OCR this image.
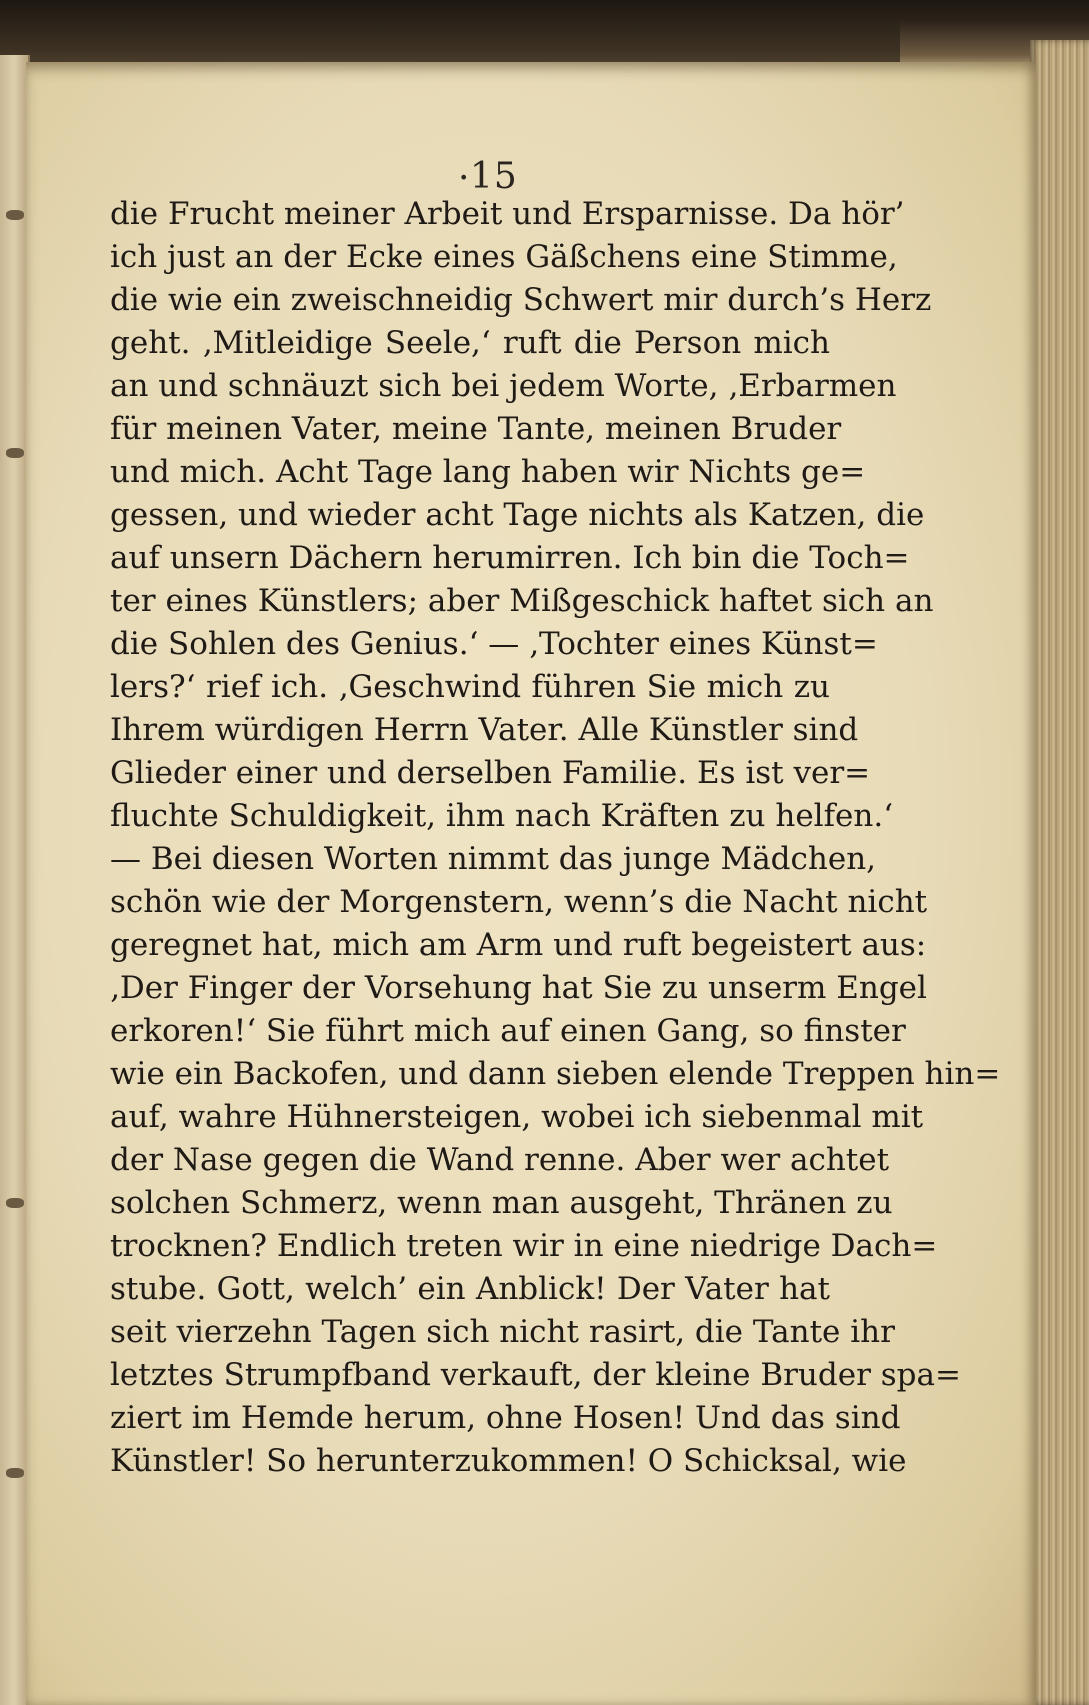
· 15
die Frucht meiner Arbeit und Ersparnisse. Da hör’
ich just an der Ecke eines Gäßchens eine Stimme,
die wie ein zweischneidig Schwert mir durch’s Herz
geht. ‚Mitleidige Seele,‘ ruft die Person mich
an und schnäuzt sich bei jedem Worte, ‚Erbarmen
für meinen Vater, meine Tante, meinen Bruder
und mich. Acht Tage lang haben wir Nichts ge=
gessen, und wieder acht Tage nichts als Katzen, die
auf unsern Dächern herumirren. Ich bin die Toch=
ter eines Künstlers; aber Mißgeschick haftet sich an
die Sohlen des Genius.‘ — ‚Tochter eines Künst=
lers?‘ rief ich. ‚Geschwind führen Sie mich zu
Ihrem würdigen Herrn Vater. Alle Künstler sind
Glieder einer und derselben Familie. Es ist ver=
fluchte Schuldigkeit, ihm nach Kräften zu helfen.‘
— Bei diesen Worten nimmt das junge Mädchen,
schön wie der Morgenstern, wenn’s die Nacht nicht
geregnet hat, mich am Arm und ruft begeistert aus:
‚Der Finger der Vorsehung hat Sie zu unserm Engel
erkoren!‘ Sie führt mich auf einen Gang, so finster
wie ein Backofen, und dann sieben elende Treppen hin=
auf, wahre Hühnersteigen, wobei ich siebenmal mit
der Nase gegen die Wand renne. Aber wer achtet
solchen Schmerz, wenn man ausgeht, Thränen zu
trocknen? Endlich treten wir in eine niedrige Dach=
stube. Gott, welch’ ein Anblick! Der Vater hat
seit vierzehn Tagen sich nicht rasirt, die Tante ihr
letztes Strumpfband verkauft, der kleine Bruder spa=
ziert im Hemde herum, ohne Hosen! Und das sind
Künstler! So herunterzukommen! O Schicksal, wie
